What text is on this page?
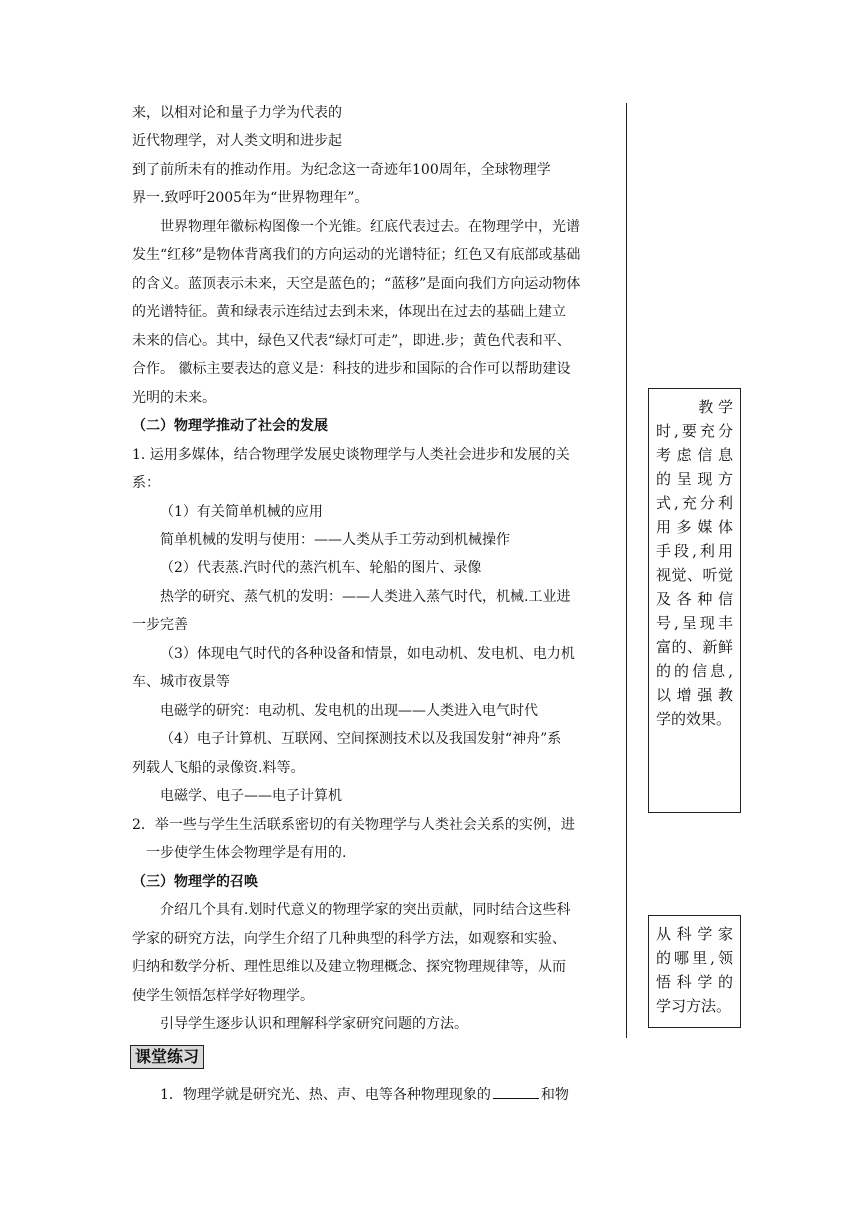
来，以相对论和量子力学为代表的
近代物理学，对人类文明和进步起
到了前所未有的推动作用。为纪念这一奇迹年100周年，全球物理学
界一.致呼吁2005年为“世界物理年”。
世界物理年徽标构图像一个光锥。红底代表过去。在物理学中，光谱
发生“红移”是物体背离我们的方向运动的光谱特征；红色又有底部或基础
的含义。蓝顶表示未来，天空是蓝色的；“蓝移”是面向我们方向运动物体
的光谱特征。黄和绿表示连结过去到未来，体现出在过去的基础上建立
未来的信心。其中，绿色又代表“绿灯可走”，即进.步；黄色代表和平、
合作。 徽标主要表达的意义是：科技的进步和国际的合作可以帮助建设
光明的未来。
（二）物理学推动了社会的发展
1. 运用多媒体，结合物理学发展史谈物理学与人类社会进步和发展的关
系：
（1）有关简单机械的应用
简单机械的发明与使用：——人类从手工劳动到机械操作
（2）代表蒸.汽时代的蒸汽机车、轮船的图片、录像
热学的研究、蒸气机的发明：——人类进入蒸气时代，机械.工业进
一步完善
（3）体现电气时代的各种设备和情景，如电动机、发电机、电力机
车、城市夜景等
电磁学的研究：电动机、发电机的出现——人类进入电气时代
（4）电子计算机、互联网、空间探测技术以及我国发射“神舟”系
列载人飞船的录像资.料等。
电磁学、电子——电子计算机
2．举一些与学生生活联系密切的有关物理学与人类社会关系的实例，进
一步使学生体会物理学是有用的.
（三）物理学的召唤
介绍几个具有.划时代意义的物理学家的突出贡献，同时结合这些科
学家的研究方法，向学生介绍了几种典型的科学方法，如观察和实验、
归纳和数学分析、理性思维以及建立物理概念、探究物理规律等，从而
使学生领悟怎样学好物理学。
引导学生逐步认识和理解科学家研究问题的方法。
教 学
时,要充分
考虑信息
的呈现方
式,充分利
用多媒体
手段,利用
视觉、听觉
及各种信
号,呈现丰
富的、新鲜
的的信息,
以增强教
学的效果。
从科学家
的哪里,领
悟科学的
学习方法。
课堂练习
1．物理学就是研究光、热、声、电等各种物理现象的	和物
